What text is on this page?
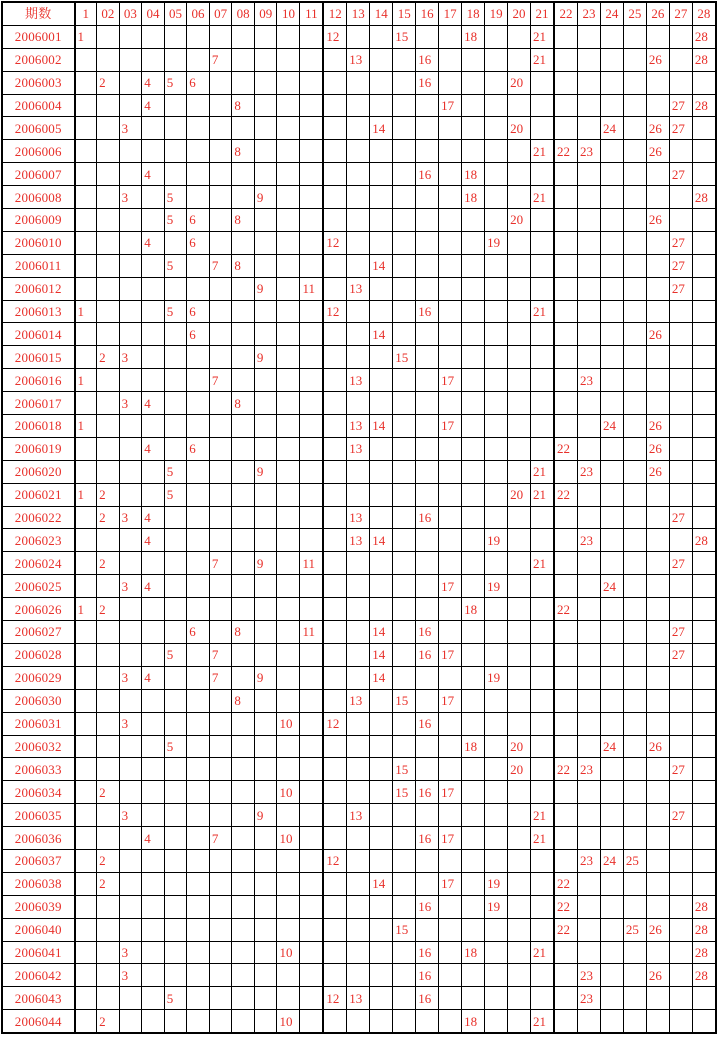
期数	1	02	03	04	05	06	07	08	09	10	11	12	13	14	15	16	17	18	19	20	21	22	23	24	25	26	27	28
2006001	1											12			15			18			21							28
2006002							7						13			16					21					26		28
2006003		2		4	5	6										16				20								
2006004				4				8									17										27	28
2006005			3											14						20				24		26	27	
2006006								8													21	22	23			26		
2006007				4												16		18									27	
2006008			3		5				9									18			21							28
2006009					5	6		8												20						26		
2006010				4		6						12							19								27	
2006011					5		7	8						14													27	
2006012									9		11		13														27	
2006013	1				5	6						12				16					21							
2006014						6								14												26		
2006015		2	3						9						15													
2006016	1						7						13				17						23					
2006017			3	4				8																				
2006018	1												13	14			17							24		26		
2006019				4		6							13									22				26		
2006020					5				9												21		23			26		
2006021	1	2			5															20	21	22						
2006022		2	3	4									13			16											27	
2006023				4									13	14					19				23					28
2006024		2					7		9		11										21						27	
2006025			3	4													17		19					24				
2006026	1	2																18				22						
2006027						6		8			11			14		16											27	
2006028					5		7							14		16	17										27	
2006029			3	4			7		9					14					19									
2006030								8					13		15		17											
2006031			3							10		12				16												
2006032					5													18		20				24		26		
2006033															15					20		22	23				27	
2006034		2								10					15	16	17											
2006035			3						9				13								21						27	
2006036				4			7			10						16	17				21							
2006037		2										12											23	24	25			
2006038		2												14			17		19			22						
2006039																16			19			22						28
2006040															15							22			25	26		28
2006041			3							10						16		18			21							28
2006042			3													16							23			26		28
2006043					5							12	13			16							23					
2006044		2								10								18			21							
